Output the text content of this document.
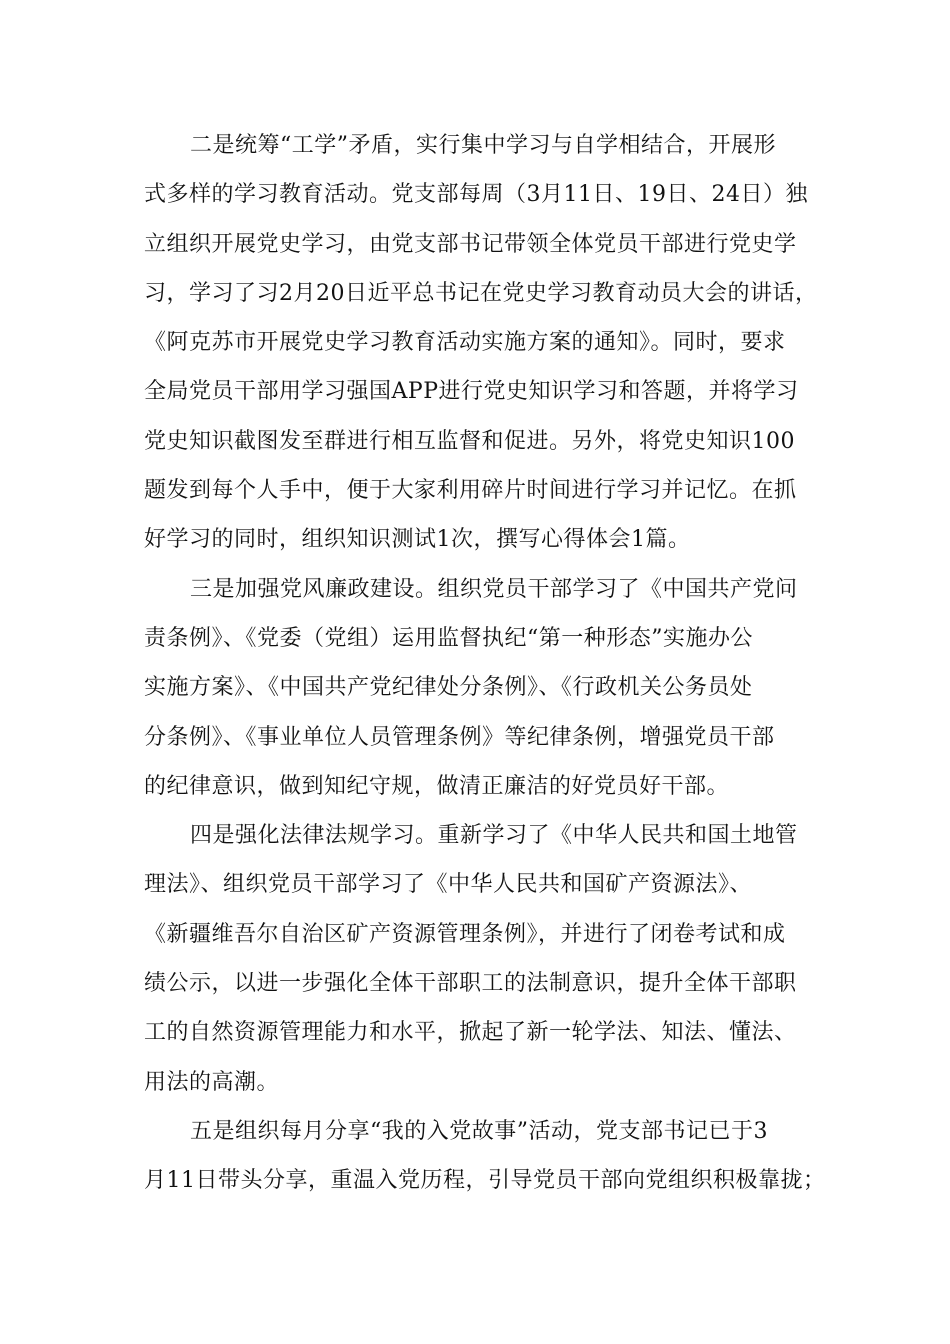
二是统筹“工学”矛盾，实行集中学习与自学相结合，开展形
式多样的学习教育活动。党支部每周（3月11日、19日、24日）独
立组织开展党史学习，由党支部书记带领全体党员干部进行党史学
习，学习了习2月20日近平总书记在党史学习教育动员大会的讲话，
《阿克苏市开展党史学习教育活动实施方案的通知》。同时，要求
全局党员干部用学习强国APP进行党史知识学习和答题，并将学习
党史知识截图发至群进行相互监督和促进。另外，将党史知识100
题发到每个人手中，便于大家利用碎片时间进行学习并记忆。在抓
好学习的同时，组织知识测试1次，撰写心得体会1篇。

三是加强党风廉政建设。组织党员干部学习了《中国共产党问
责条例》、《党委（党组）运用监督执纪“第一种形态”实施办公
实施方案》、《中国共产党纪律处分条例》、《行政机关公务员处
分条例》、《事业单位人员管理条例》等纪律条例，增强党员干部
的纪律意识，做到知纪守规，做清正廉洁的好党员好干部。

四是强化法律法规学习。重新学习了《中华人民共和国土地管
理法》、组织党员干部学习了《中华人民共和国矿产资源法》、
《新疆维吾尔自治区矿产资源管理条例》，并进行了闭卷考试和成
绩公示，以进一步强化全体干部职工的法制意识，提升全体干部职
工的自然资源管理能力和水平，掀起了新一轮学法、知法、懂法、
用法的高潮。

五是组织每月分享“我的入党故事”活动，党支部书记已于3
月11日带头分享，重温入党历程，引导党员干部向党组织积极靠拢；
